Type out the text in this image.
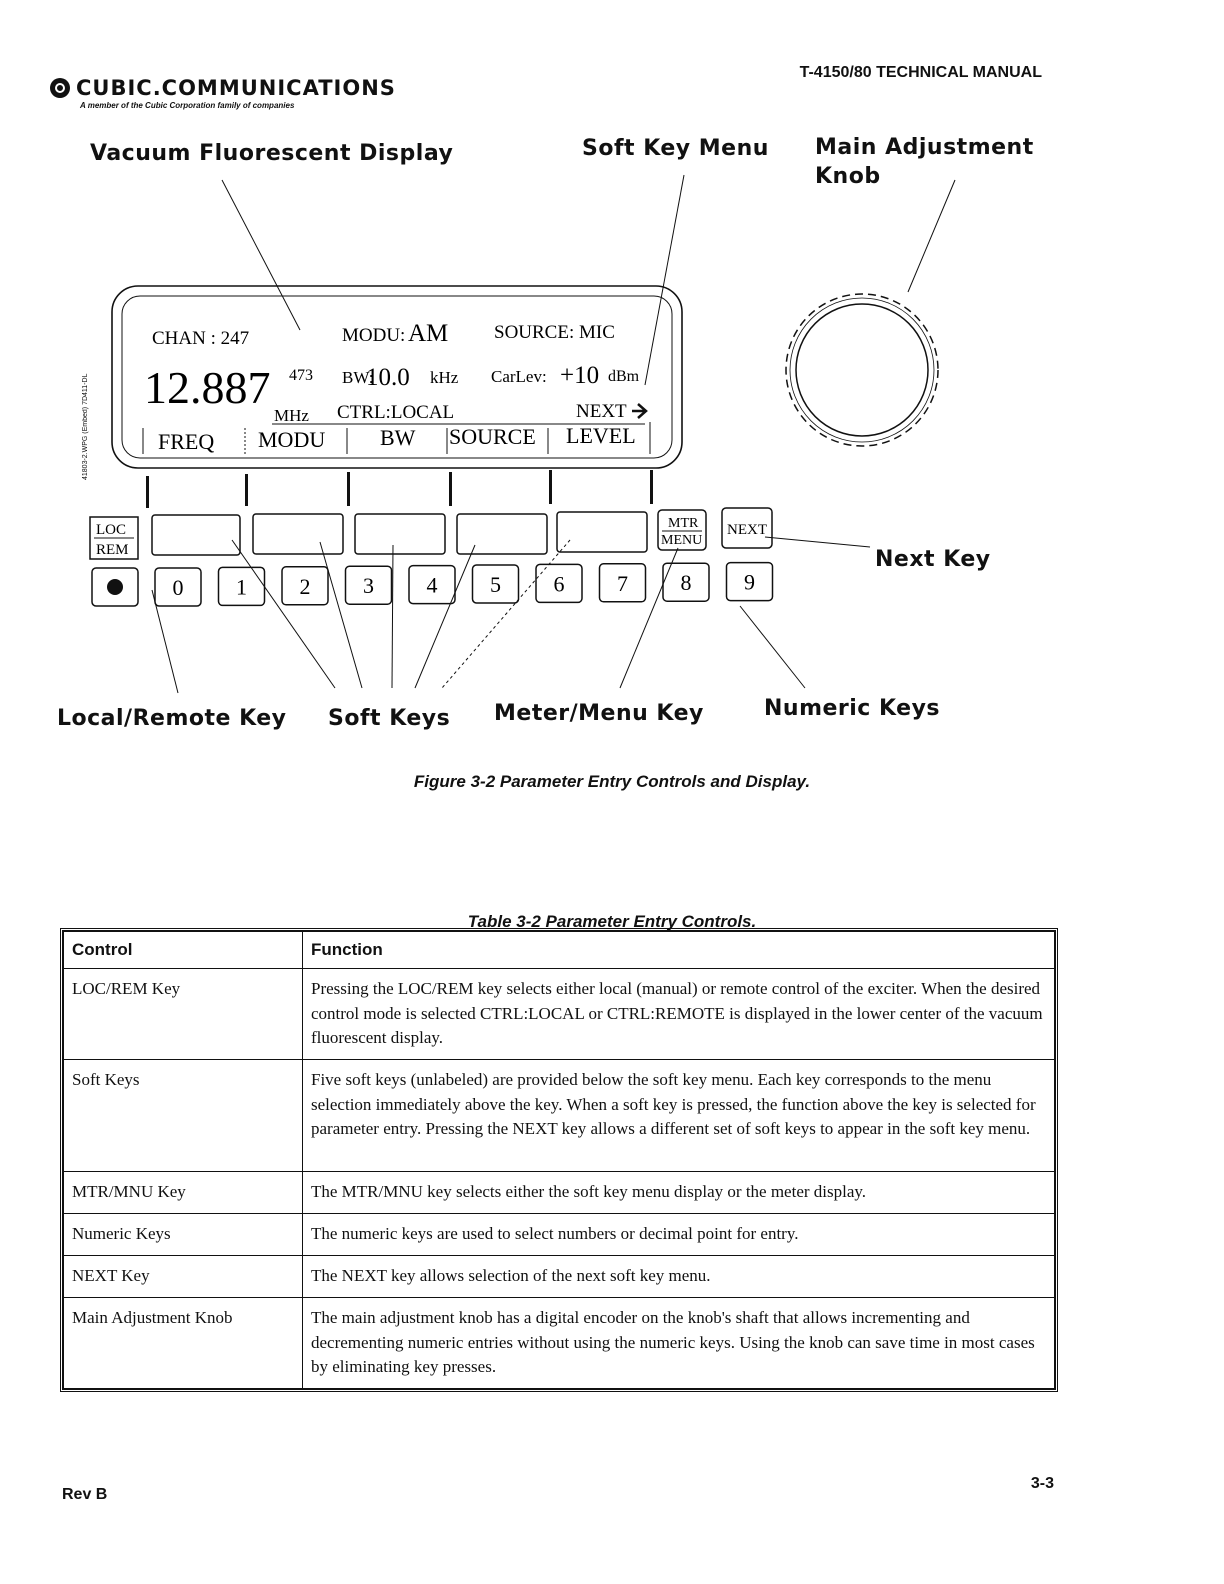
CUBIC.COMMUNICATIONS
A member of the Cubic Corporation family of companies
T-4150/80 TECHNICAL MANUAL
41803-2.WPG (Embed) 7D411-DL
Vacuum Fluorescent Display	Soft Key Menu Main Adjustment
Knob
Next Key
Local/Remote Key Soft Keys Meter/Menu Key	Numeric Keys
CHAN : 247	MODU: AM SOURCE: MIC
12.887 473 BW:
10.0 kHz CarLev: +10 dBm
MHz CTRL:LOCAL	NEXT
FREQ MODU BW SOURCE LEVEL
LOC
REM
MTR
MENU
NEXT
0 1 2 3 4 5 6 7 8 9
Figure 3-2 Parameter Entry Controls and Display.
Table 3-2 Parameter Entry Controls.
Control	Function
LOC/REM Key	Pressing the LOC/REM key selects either local (manual) or remote control of the exciter. When the desired control mode is selected CTRL:LOCAL or CTRL:REMOTE is displayed in the lower center of the vacuum fluorescent display.
Soft Keys	Five soft keys (unlabeled) are provided below the soft key menu. Each key corresponds to the menu selection immediately above the key. When a soft key is pressed, the function above the key is selected for parameter entry. Pressing the NEXT key allows a different set of soft keys to appear in the soft key menu.
MTR/MNU Key	The MTR/MNU key selects either the soft key menu display or the meter display.
Numeric Keys	The numeric keys are used to select numbers or decimal point for entry.
NEXT Key	The NEXT key allows selection of the next soft key menu.
Main Adjustment Knob	The main adjustment knob has a digital encoder on the knob's shaft that allows incrementing and decrementing numeric entries without using the numeric keys. Using the knob can save time in most cases by eliminating key presses.
Rev B
3-3
